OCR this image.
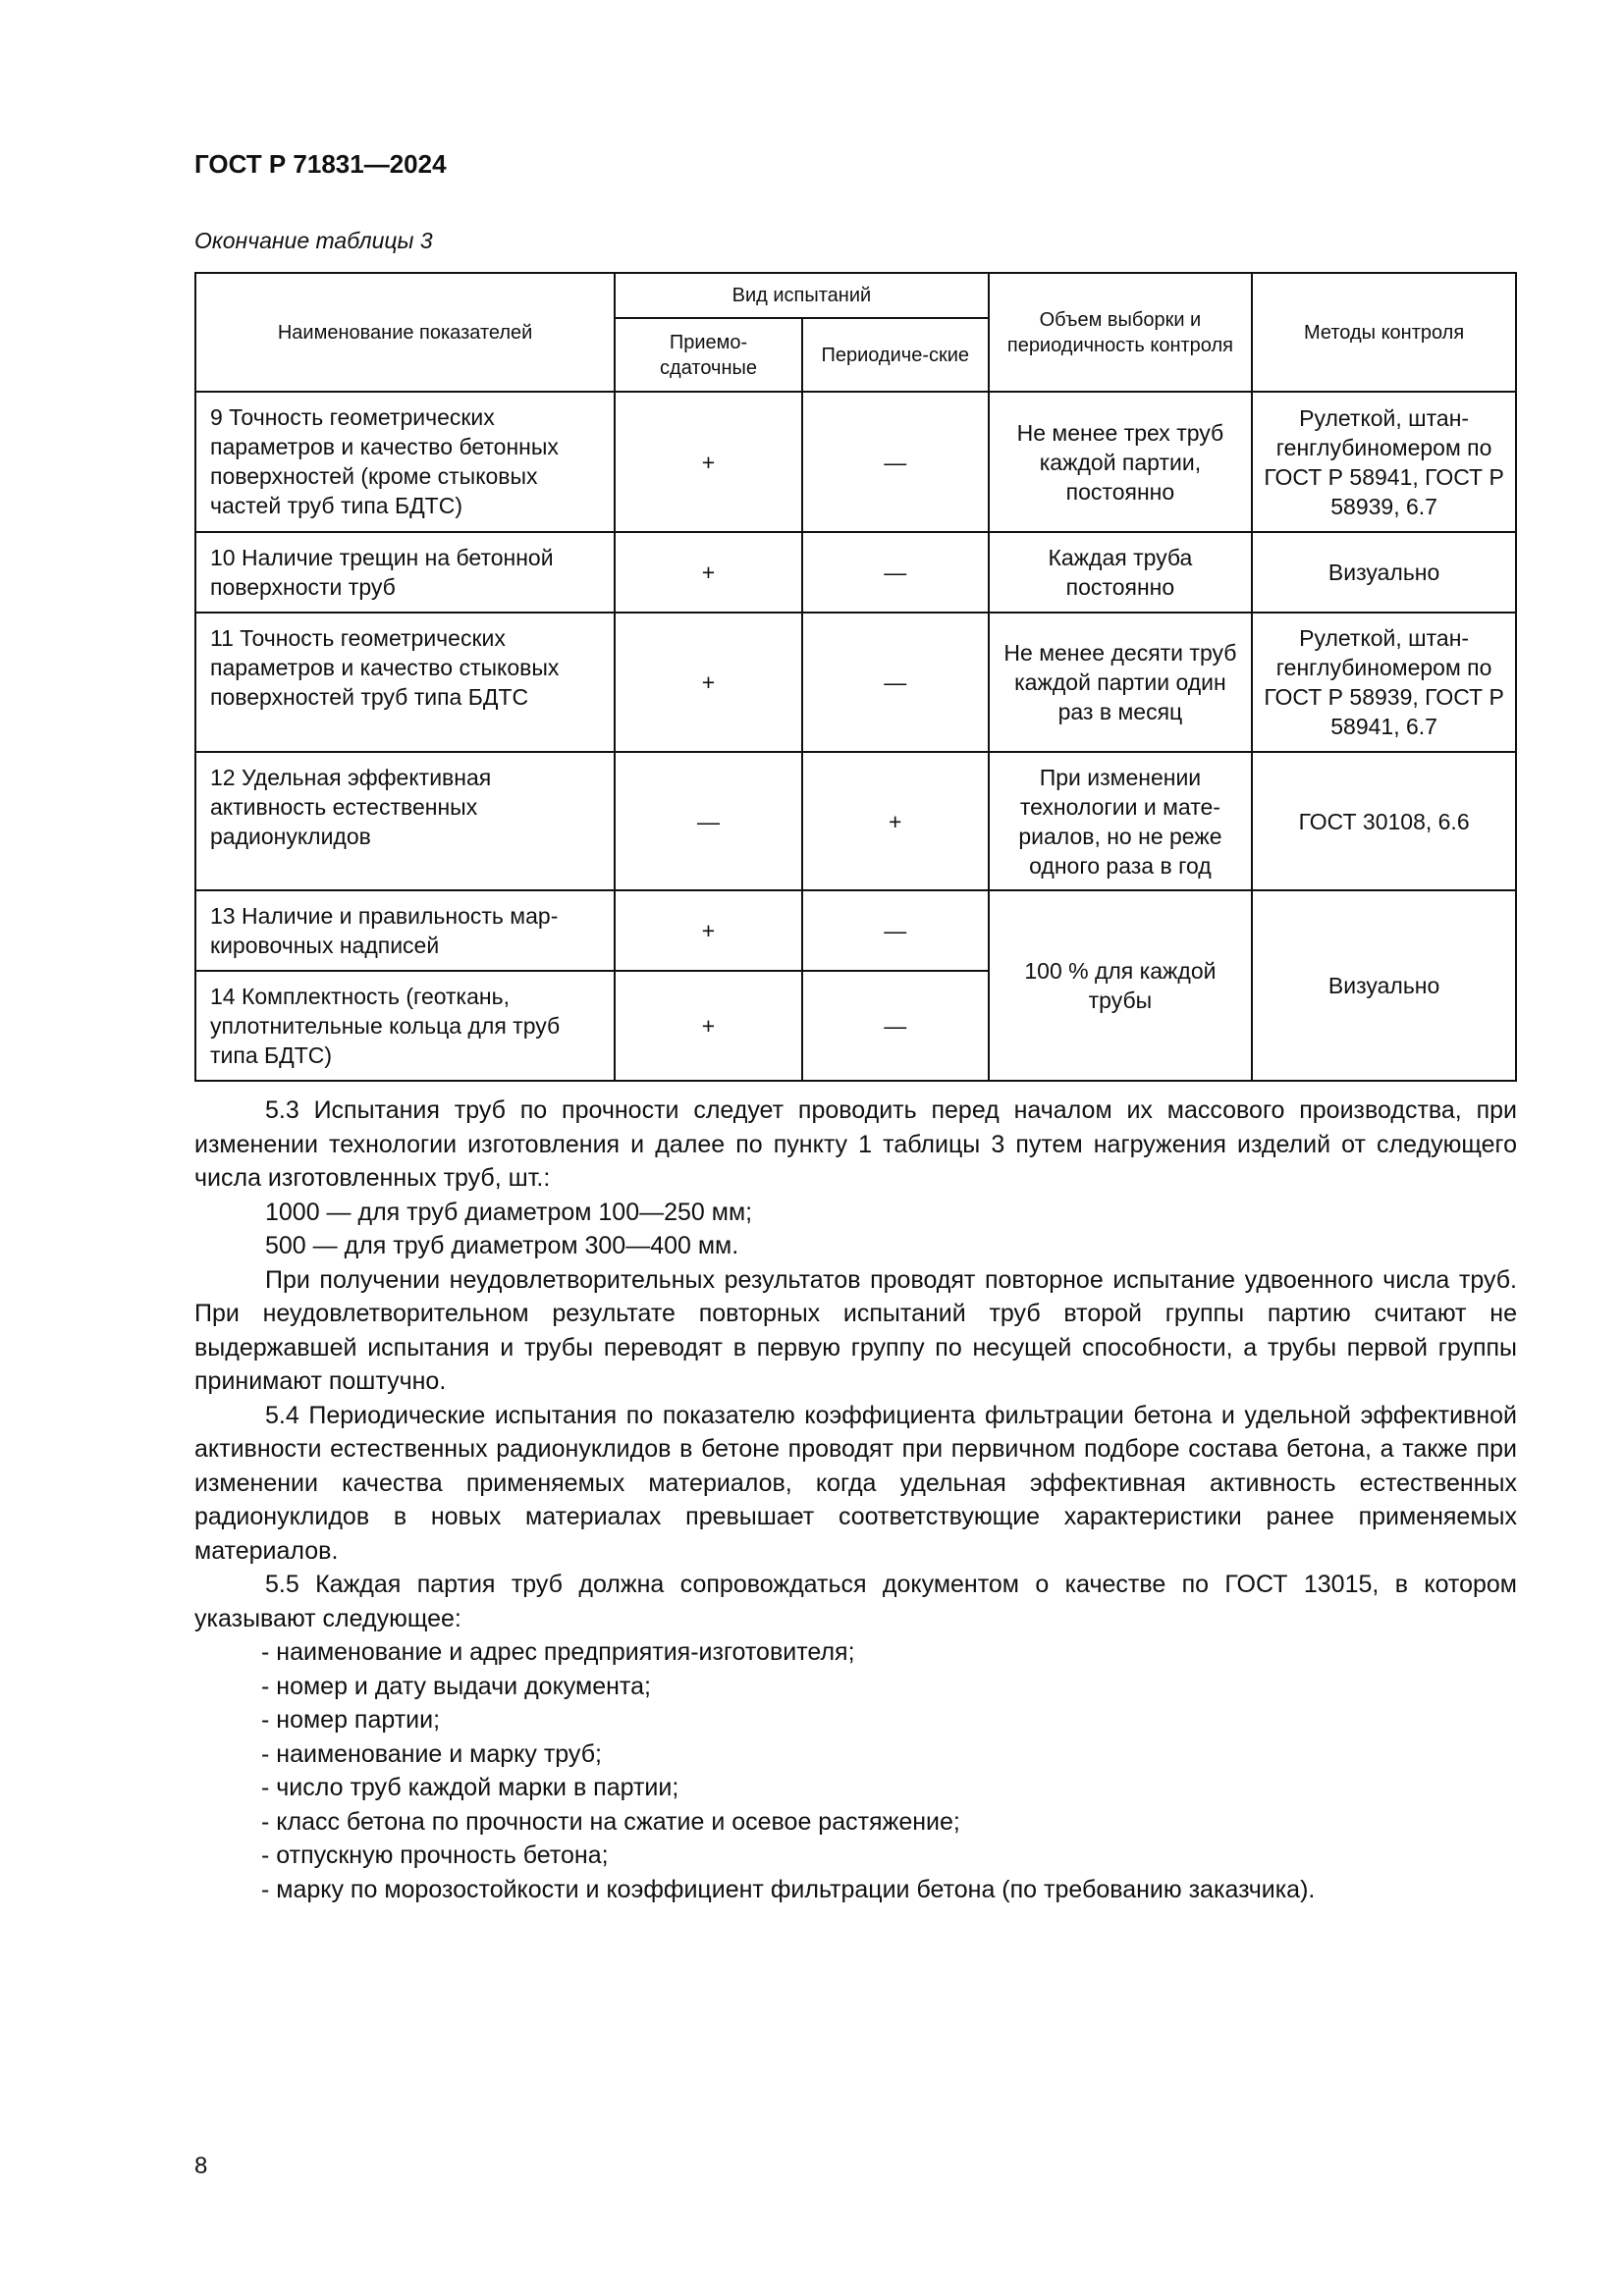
ГОСТ Р 71831—2024
Окончание таблицы 3
Наименование показателей	Вид испытаний		Объем выборки и периодичность контроля	Методы контроля
	Приемо-сдаточные	Периодиче-ские		
9 Точность геометрических параметров и качество бетонных поверхностей (кроме стыковых частей труб типа БДТС)	+	—	Не менее трех труб каждой партии, постоянно	Рулеткой, штан-генглубиномером по ГОСТ Р 58941, ГОСТ Р 58939, 6.7
10 Наличие трещин на бетонной поверхности труб	+	—	Каждая труба постоянно	Визуально
11 Точность геометрических параметров и качество стыковых поверхностей труб типа БДТС	+	—	Не менее десяти труб каждой партии один раз в месяц	Рулеткой, штан-генглубиномером по ГОСТ Р 58939, ГОСТ Р 58941, 6.7
12 Удельная эффективная активность естественных радионуклидов	—	+	При изменении технологии и мате-риалов, но не реже одного раза в год	ГОСТ 30108, 6.6
13 Наличие и правильность мар-кировочных надписей	+	—	100 % для каждой трубы	Визуально
14 Комплектность (геоткань, уплотнительные кольца для труб типа БДТС)	+	—		

5.3 Испытания труб по прочности следует проводить перед началом их массового производства, при изменении технологии изготовления и далее по пункту 1 таблицы 3 путем нагружения изделий от следующего числа изготовленных труб, шт.:

1000 — для труб диаметром 100—250 мм;

500 — для труб диаметром 300—400 мм.

При получении неудовлетворительных результатов проводят повторное испытание удвоенного числа труб. При неудовлетворительном результате повторных испытаний труб второй группы партию считают не выдержавшей испытания и трубы переводят в первую группу по несущей способности, а трубы первой группы принимают поштучно.

5.4 Периодические испытания по показателю коэффициента фильтрации бетона и удельной эффективной активности естественных радионуклидов в бетоне проводят при первичном подборе состава бетона, а также при изменении качества применяемых материалов, когда удельная эффективная активность естественных радионуклидов в новых материалах превышает соответствующие характеристики ранее применяемых материалов.

5.5 Каждая партия труб должна сопровождаться документом о качестве по ГОСТ 13015, в котором указывают следующее:

- наименование и адрес предприятия-изготовителя;

- номер и дату выдачи документа;

- номер партии;

- наименование и марку труб;

- число труб каждой марки в партии;

- класс бетона по прочности на сжатие и осевое растяжение;

- отпускную прочность бетона;

- марку по морозостойкости и коэффициент фильтрации бетона (по требованию заказчика).

8
